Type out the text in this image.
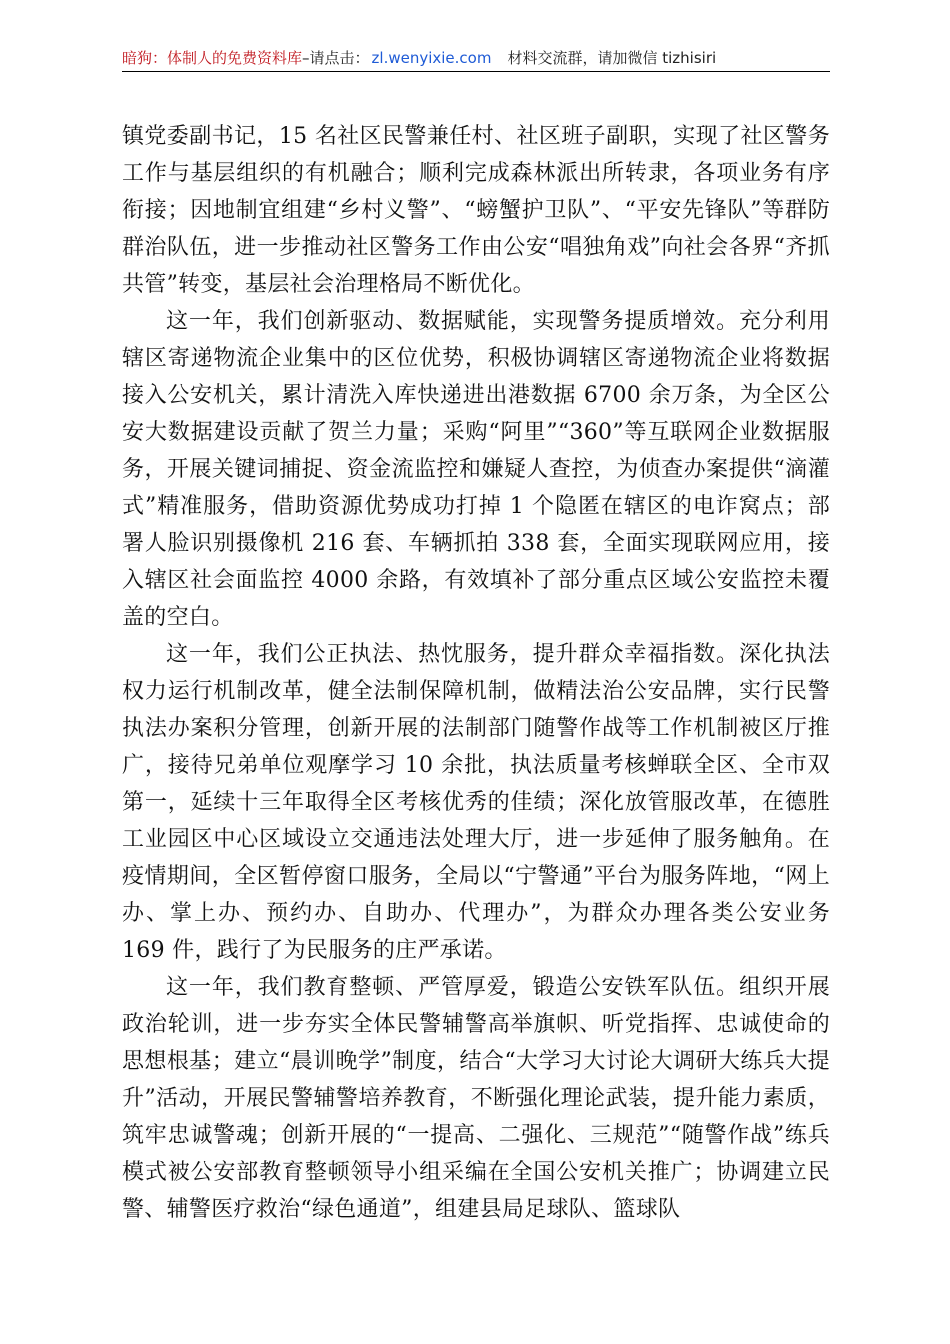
暗狗：体制人的免费资料库–请点击： zl.wenyixie.com 材料交流群，请加微信 tizhisiri

镇党委副书记，15 名社区民警兼任村、社区班子副职，实现了社区警务工作与基层组织的有机融合；顺利完成森林派出所转隶，各项业务有序衔接；因地制宜组建“乡村义警”、“螃蟹护卫队”、“平安先锋队”等群防群治队伍，进一步推动社区警务工作由公安“唱独角戏”向社会各界“齐抓共管”转变，基层社会治理格局不断优化。

这一年，我们创新驱动、数据赋能，实现警务提质增效。充分利用辖区寄递物流企业集中的区位优势，积极协调辖区寄递物流企业将数据接入公安机关，累计清洗入库快递进出港数据 6700 余万条，为全区公安大数据建设贡献了贺兰力量；采购“阿里”“360”等互联网企业数据服务，开展关键词捕捉、资金流监控和嫌疑人查控，为侦查办案提供“滴灌式”精准服务，借助资源优势成功打掉 1 个隐匿在辖区的电诈窝点；部署人脸识别摄像机 216 套、车辆抓拍 338 套，全面实现联网应用，接入辖区社会面监控 4000 余路，有效填补了部分重点区域公安监控未覆盖的空白。

这一年，我们公正执法、热忱服务，提升群众幸福指数。深化执法权力运行机制改革，健全法制保障机制，做精法治公安品牌，实行民警执法办案积分管理，创新开展的法制部门随警作战等工作机制被区厅推广，接待兄弟单位观摩学习 10 余批，执法质量考核蝉联全区、全市双第一，延续十三年取得全区考核优秀的佳绩；深化放管服改革，在德胜工业园区中心区域设立交通违法处理大厅，进一步延伸了服务触角。在疫情期间，全区暂停窗口服务，全局以“宁警通”平台为服务阵地，“网上办、掌上办、预约办、自助办、代理办”，为群众办理各类公安业务 169 件，践行了为民服务的庄严承诺。

这一年，我们教育整顿、严管厚爱，锻造公安铁军队伍。组织开展政治轮训，进一步夯实全体民警辅警高举旗帜、听党指挥、忠诚使命的思想根基；建立“晨训晚学”制度，结合“大学习大讨论大调研大练兵大提升”活动，开展民警辅警培养教育，不断强化理论武装，提升能力素质，筑牢忠诚警魂；创新开展的“一提高、二强化、三规范”“随警作战”练兵模式被公安部教育整顿领导小组采编在全国公安机关推广；协调建立民警、辅警医疗救治“绿色通道”，组建县局足球队、篮球队
